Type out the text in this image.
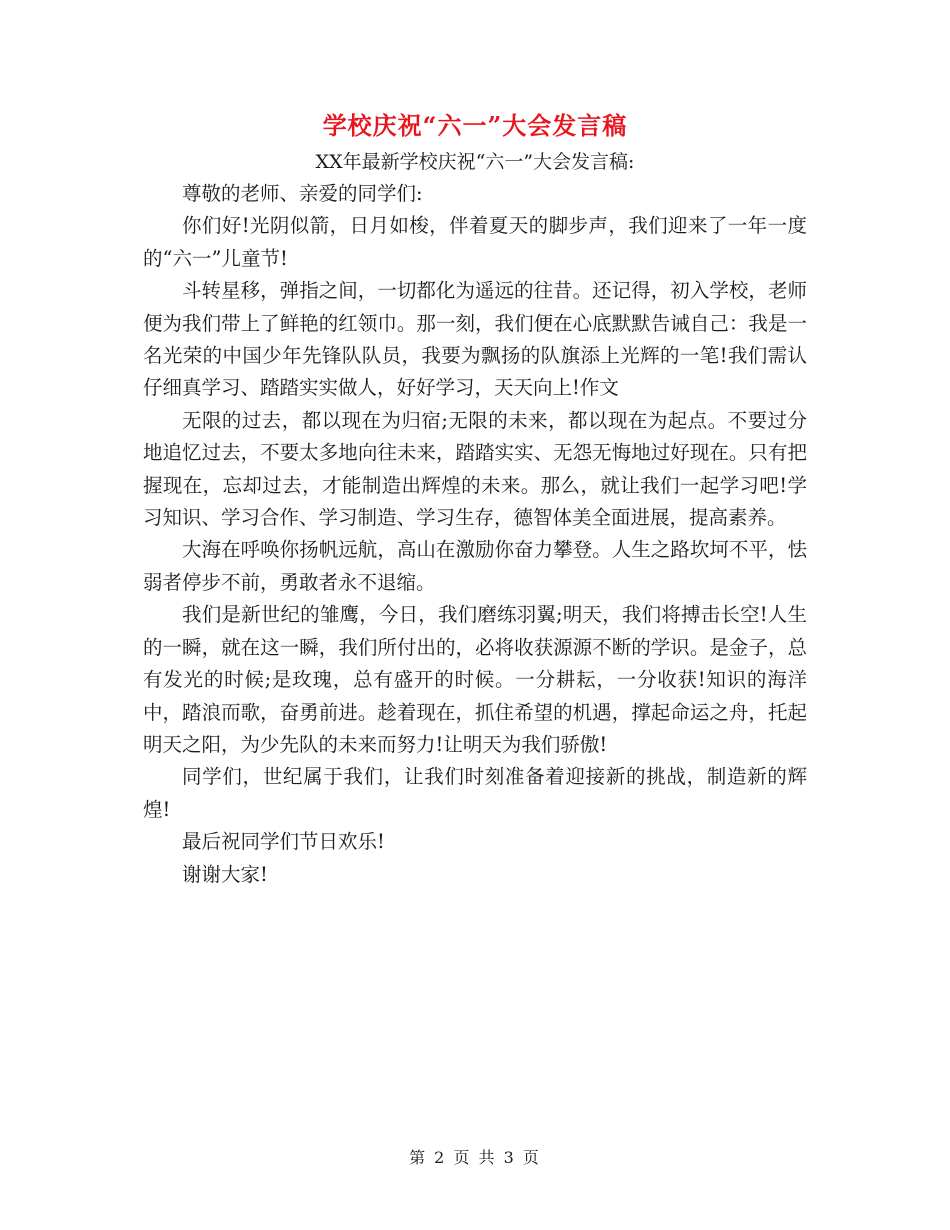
学校庆祝“六一”大会发言稿
XX年最新学校庆祝“六一”大会发言稿:

尊敬的老师、亲爱的同学们:

你们好!光阴似箭，日月如梭，伴着夏天的脚步声，我们迎来了一年一度的“六一”儿童节!

斗转星移，弹指之间，一切都化为遥远的往昔。还记得，初入学校，老师便为我们带上了鲜艳的红领巾。那一刻，我们便在心底默默告诫自己：我是一名光荣的中国少年先锋队队员，我要为飘扬的队旗添上光辉的一笔!我们需认仔细真学习、踏踏实实做人，好好学习，天天向上!作文

无限的过去，都以现在为归宿;无限的未来，都以现在为起点。不要过分地追忆过去，不要太多地向往未来，踏踏实实、无怨无悔地过好现在。只有把握现在，忘却过去，才能制造出辉煌的未来。那么，就让我们一起学习吧!学习知识、学习合作、学习制造、学习生存，德智体美全面进展，提高素养。

大海在呼唤你扬帆远航，高山在激励你奋力攀登。人生之路坎坷不平，怯弱者停步不前，勇敢者永不退缩。

我们是新世纪的雏鹰，今日，我们磨练羽翼;明天，我们将搏击长空!人生的一瞬，就在这一瞬，我们所付出的，必将收获源源不断的学识。是金子，总有发光的时候;是玫瑰，总有盛开的时候。一分耕耘，一分收获!知识的海洋中，踏浪而歌，奋勇前进。趁着现在，抓住希望的机遇，撑起命运之舟，托起明天之阳，为少先队的未来而努力!让明天为我们骄傲!

同学们，世纪属于我们，让我们时刻准备着迎接新的挑战，制造新的辉煌!

最后祝同学们节日欢乐!

谢谢大家!

第 2 页 共 3 页
